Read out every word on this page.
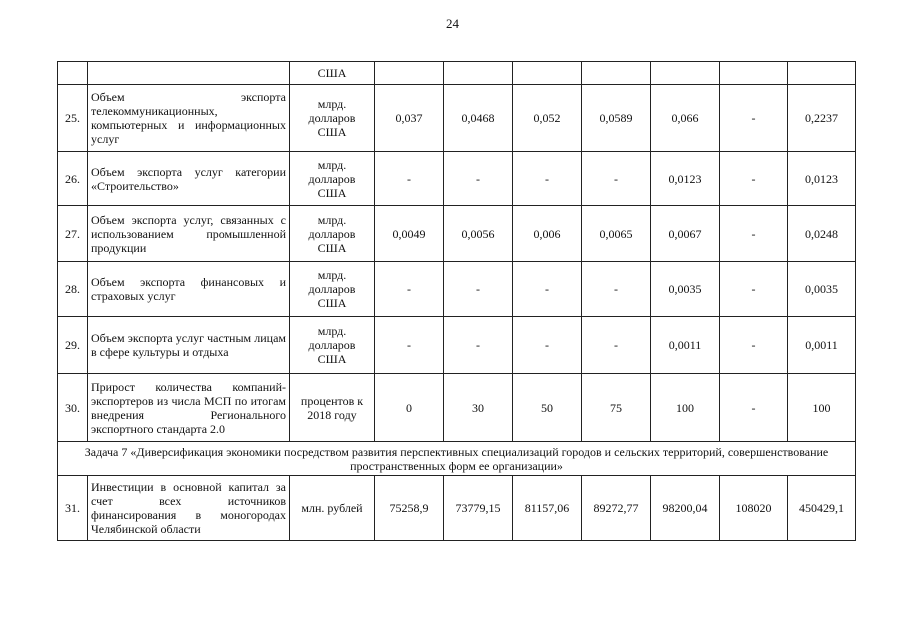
24
		США							
25.	Объем экспорта телекоммуникационных, компьютерных и информационных услуг	млрд. долларов США	0,037	0,0468	0,052	0,0589	0,066	-	0,2237
26.	Объем экспорта услуг категории «Строительство»	млрд. долларов США	-	-	-	-	0,0123	-	0,0123
27.	Объем экспорта услуг, связанных с использованием промышленной продукции	млрд. долларов США	0,0049	0,0056	0,006	0,0065	0,0067	-	0,0248
28.	Объем экспорта финансовых и страховых услуг	млрд. долларов США	-	-	-	-	0,0035	-	0,0035
29.	Объем экспорта услуг частным лицам в сфере культуры и отдыха	млрд. долларов США	-	-	-	-	0,0011	-	0,0011
30.	Прирост количества компаний-экспортеров из числа МСП по итогам внедрения Регионального экспортного стандарта 2.0	процентов к 2018 году	0	30	50	75	100	-	100
Задача 7 «Диверсификация экономики посредством развития перспективных специализаций городов и сельских территорий, совершенствование пространственных форм ее организации»									
31.	Инвестиции в основной капитал за счет всех источников финансирования в моногородах Челябинской области	млн. рублей	75258,9	73779,15	81157,06	89272,77	98200,04	108020	450429,1
